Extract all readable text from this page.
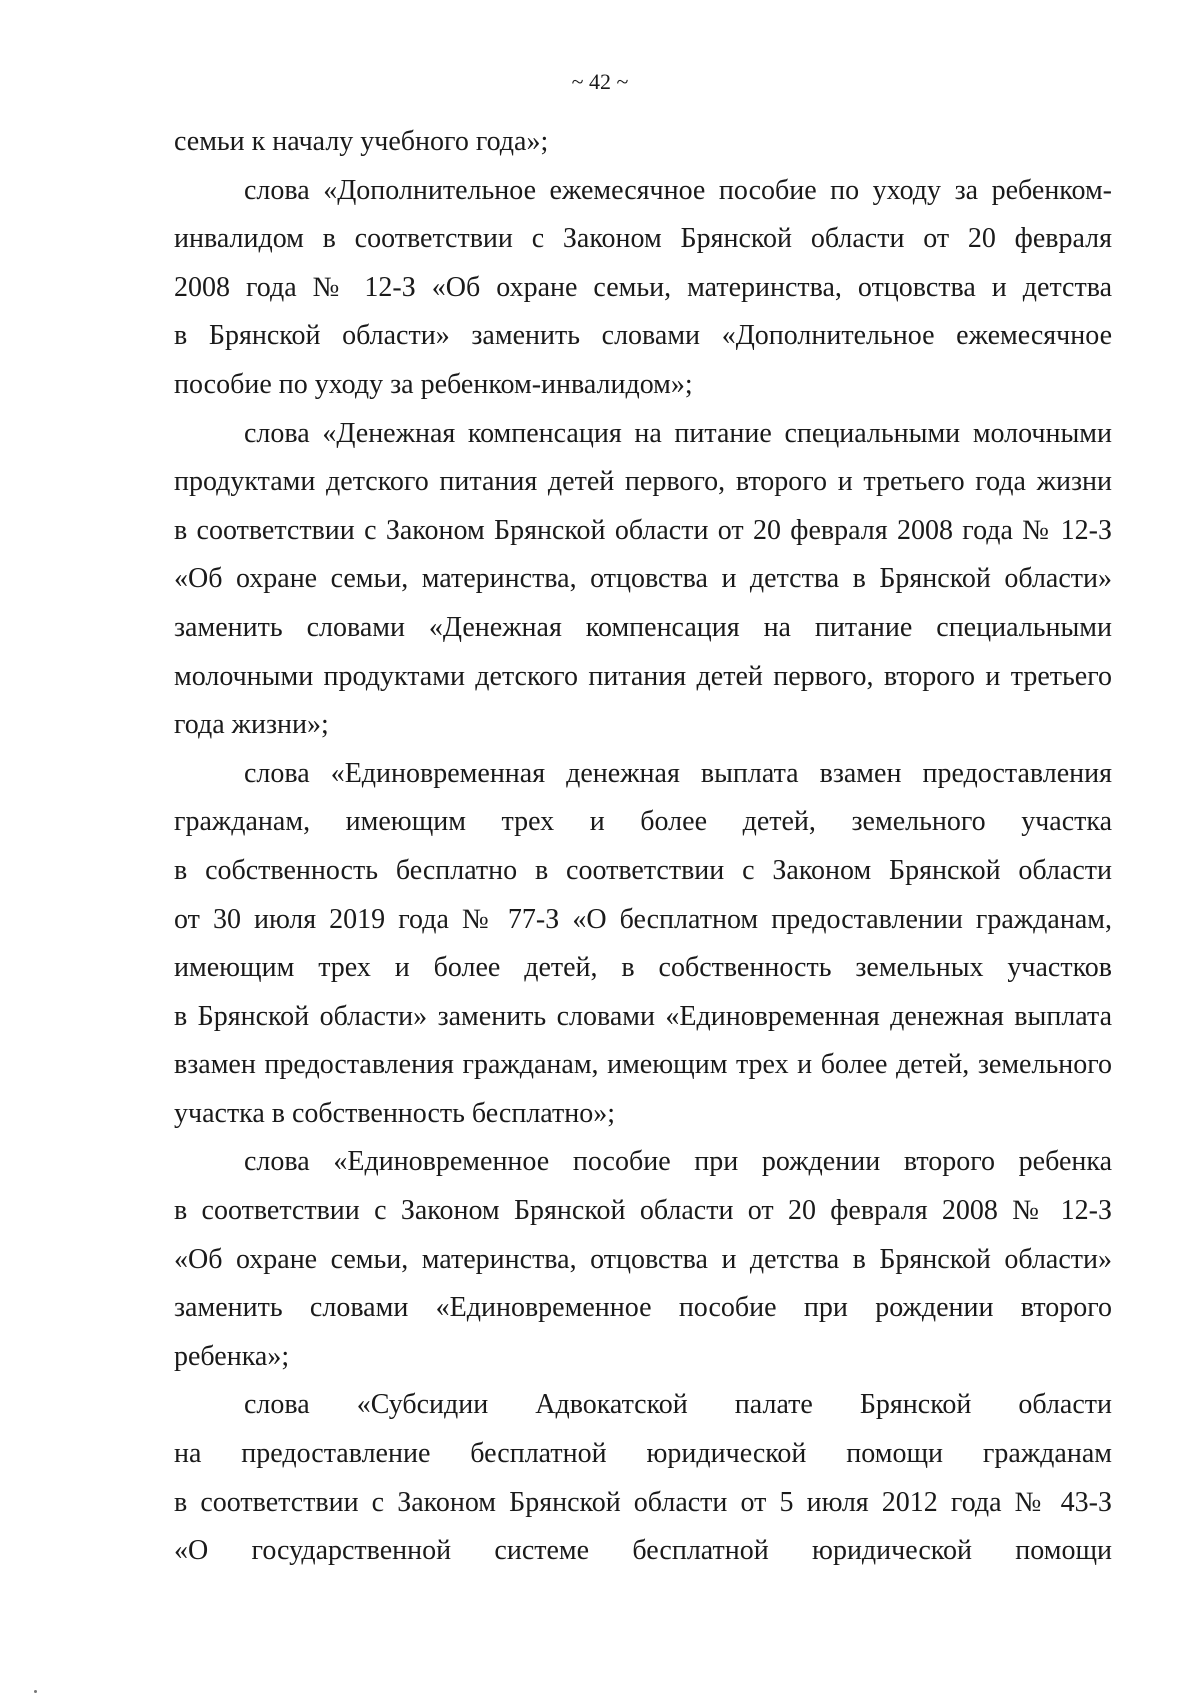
~ 42 ~
семьи к началу учебного года»;
слова «Дополнительное ежемесячное пособие по уходу за ребенком-
инвалидом в соответствии с Законом Брянской области от 20 февраля
2008 года № 12-З «Об охране семьи, материнства, отцовства и детства
в Брянской области» заменить словами «Дополнительное ежемесячное
пособие по уходу за ребенком-инвалидом»;
слова «Денежная компенсация на питание специальными молочными
продуктами детского питания детей первого, второго и третьего года жизни
в соответствии с Законом Брянской области от 20 февраля 2008 года № 12-З
«Об охране семьи, материнства, отцовства и детства в Брянской области»
заменить словами «Денежная компенсация на питание специальными
молочными продуктами детского питания детей первого, второго и третьего
года жизни»;
слова «Единовременная денежная выплата взамен предоставления
гражданам, имеющим трех и более детей, земельного участка
в собственность бесплатно в соответствии с Законом Брянской области
от 30 июля 2019 года № 77-З «О бесплатном предоставлении гражданам,
имеющим трех и более детей, в собственность земельных участков
в Брянской области» заменить словами «Единовременная денежная выплата
взамен предоставления гражданам, имеющим трех и более детей, земельного
участка в собственность бесплатно»;
слова «Единовременное пособие при рождении второго ребенка
в соответствии с Законом Брянской области от 20 февраля 2008 № 12-З
«Об охране семьи, материнства, отцовства и детства в Брянской области»
заменить словами «Единовременное пособие при рождении второго
ребенка»;
слова «Субсидии Адвокатской палате Брянской области
на предоставление бесплатной юридической помощи гражданам
в соответствии с Законом Брянской области от 5 июля 2012 года № 43-З
«О государственной системе бесплатной юридической помощи
